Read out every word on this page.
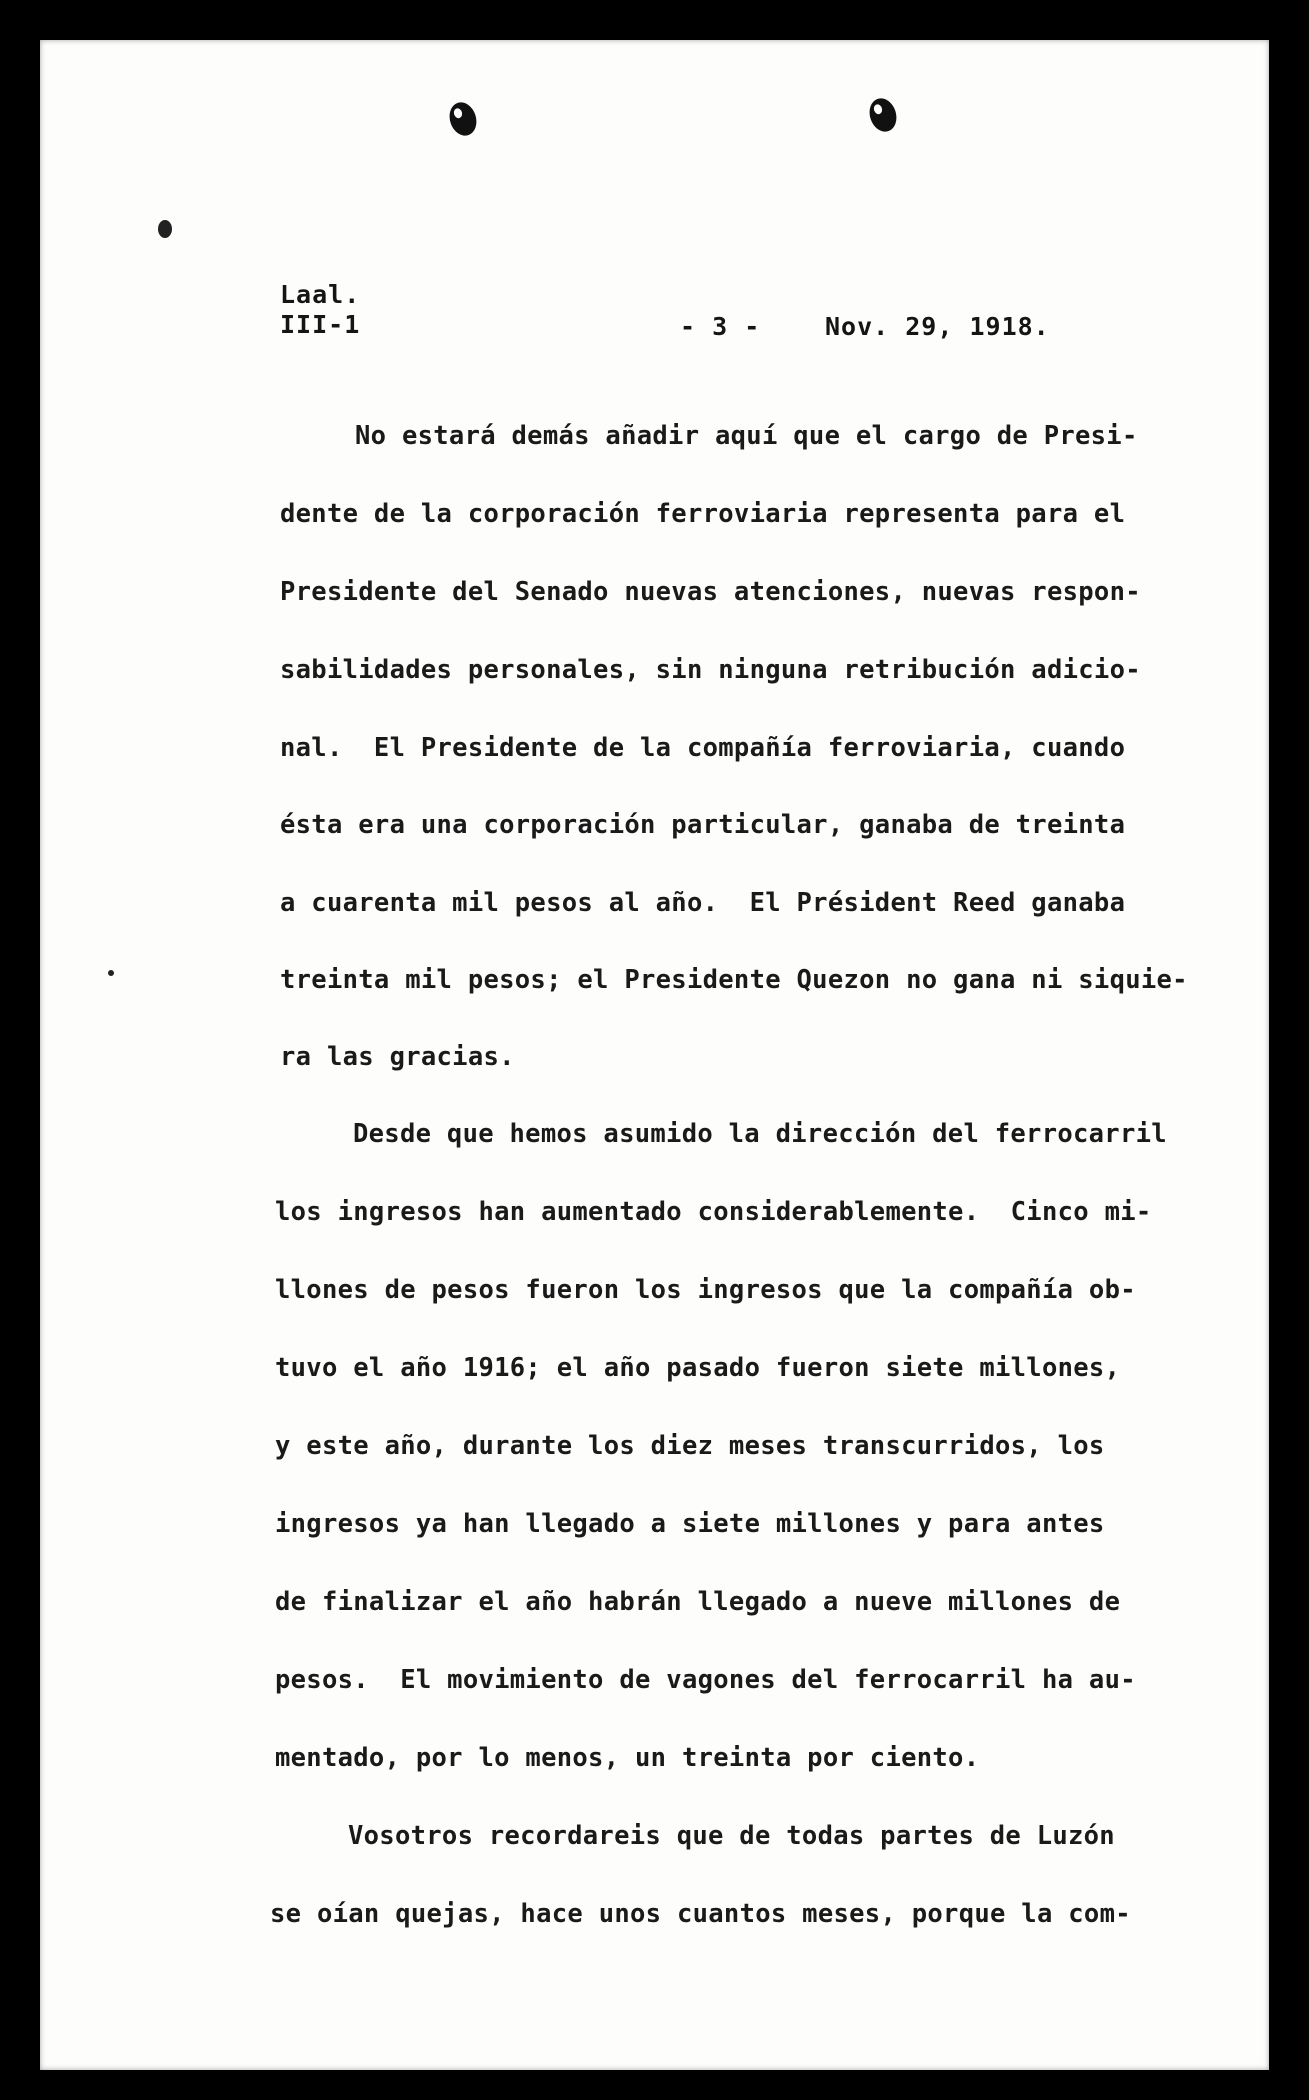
Laal.
III-1	- 3 -	Nov. 29, 1918.
No estará demás añadir aquí que el cargo de Presi-
dente de la corporación ferroviaria representa para el
Presidente del Senado nuevas atenciones, nuevas respon-
sabilidades personales, sin ninguna retribución adicio-
nal.  El Presidente de la compañía ferroviaria, cuando
ésta era una corporación particular, ganaba de treinta
a cuarenta mil pesos al año.  El Président Reed ganaba
treinta mil pesos; el Presidente Quezon no gana ni siquie-
ra las gracias.
Desde que hemos asumido la dirección del ferrocarril
los ingresos han aumentado considerablemente.  Cinco mi-
llones de pesos fueron los ingresos que la compañía ob-
tuvo el año 1916; el año pasado fueron siete millones,
y este año, durante los diez meses transcurridos, los
ingresos ya han llegado a siete millones y para antes
de finalizar el año habrán llegado a nueve millones de
pesos.  El movimiento de vagones del ferrocarril ha au-
mentado, por lo menos, un treinta por ciento.
Vosotros recordareis que de todas partes de Luzón
se oían quejas, hace unos cuantos meses, porque la com-
